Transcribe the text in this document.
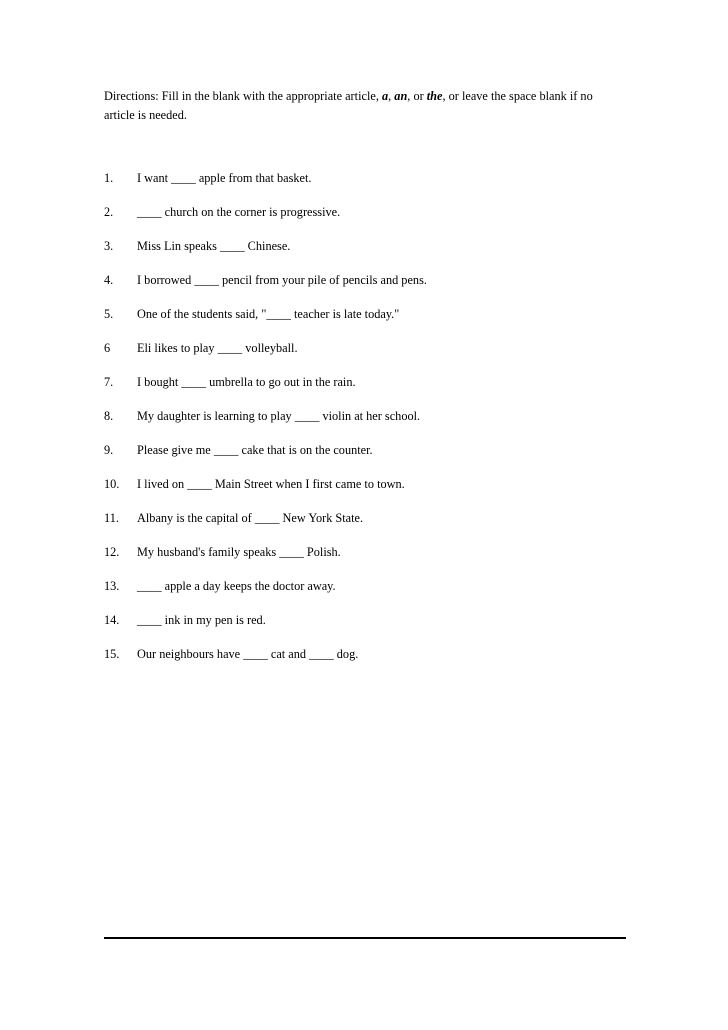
Directions: Fill in the blank with the appropriate article, a, an, or the, or leave the space blank if no article is needed.

1. I want ____ apple from that basket.
2. ____ church on the corner is progressive.
3. Miss Lin speaks ____ Chinese.
4. I borrowed ____ pencil from your pile of pencils and pens.
5. One of the students said, "____ teacher is late today."
6 Eli likes to play ____ volleyball.
7. I bought ____ umbrella to go out in the rain.
8. My daughter is learning to play ____ violin at her school.
9. Please give me ____ cake that is on the counter.
10. I lived on ____ Main Street when I first came to town.
11. Albany is the capital of ____ New York State.
12. My husband's family speaks ____ Polish.
13. ____ apple a day keeps the doctor away.
14. ____ ink in my pen is red.
15. Our neighbours have ____ cat and ____ dog.
